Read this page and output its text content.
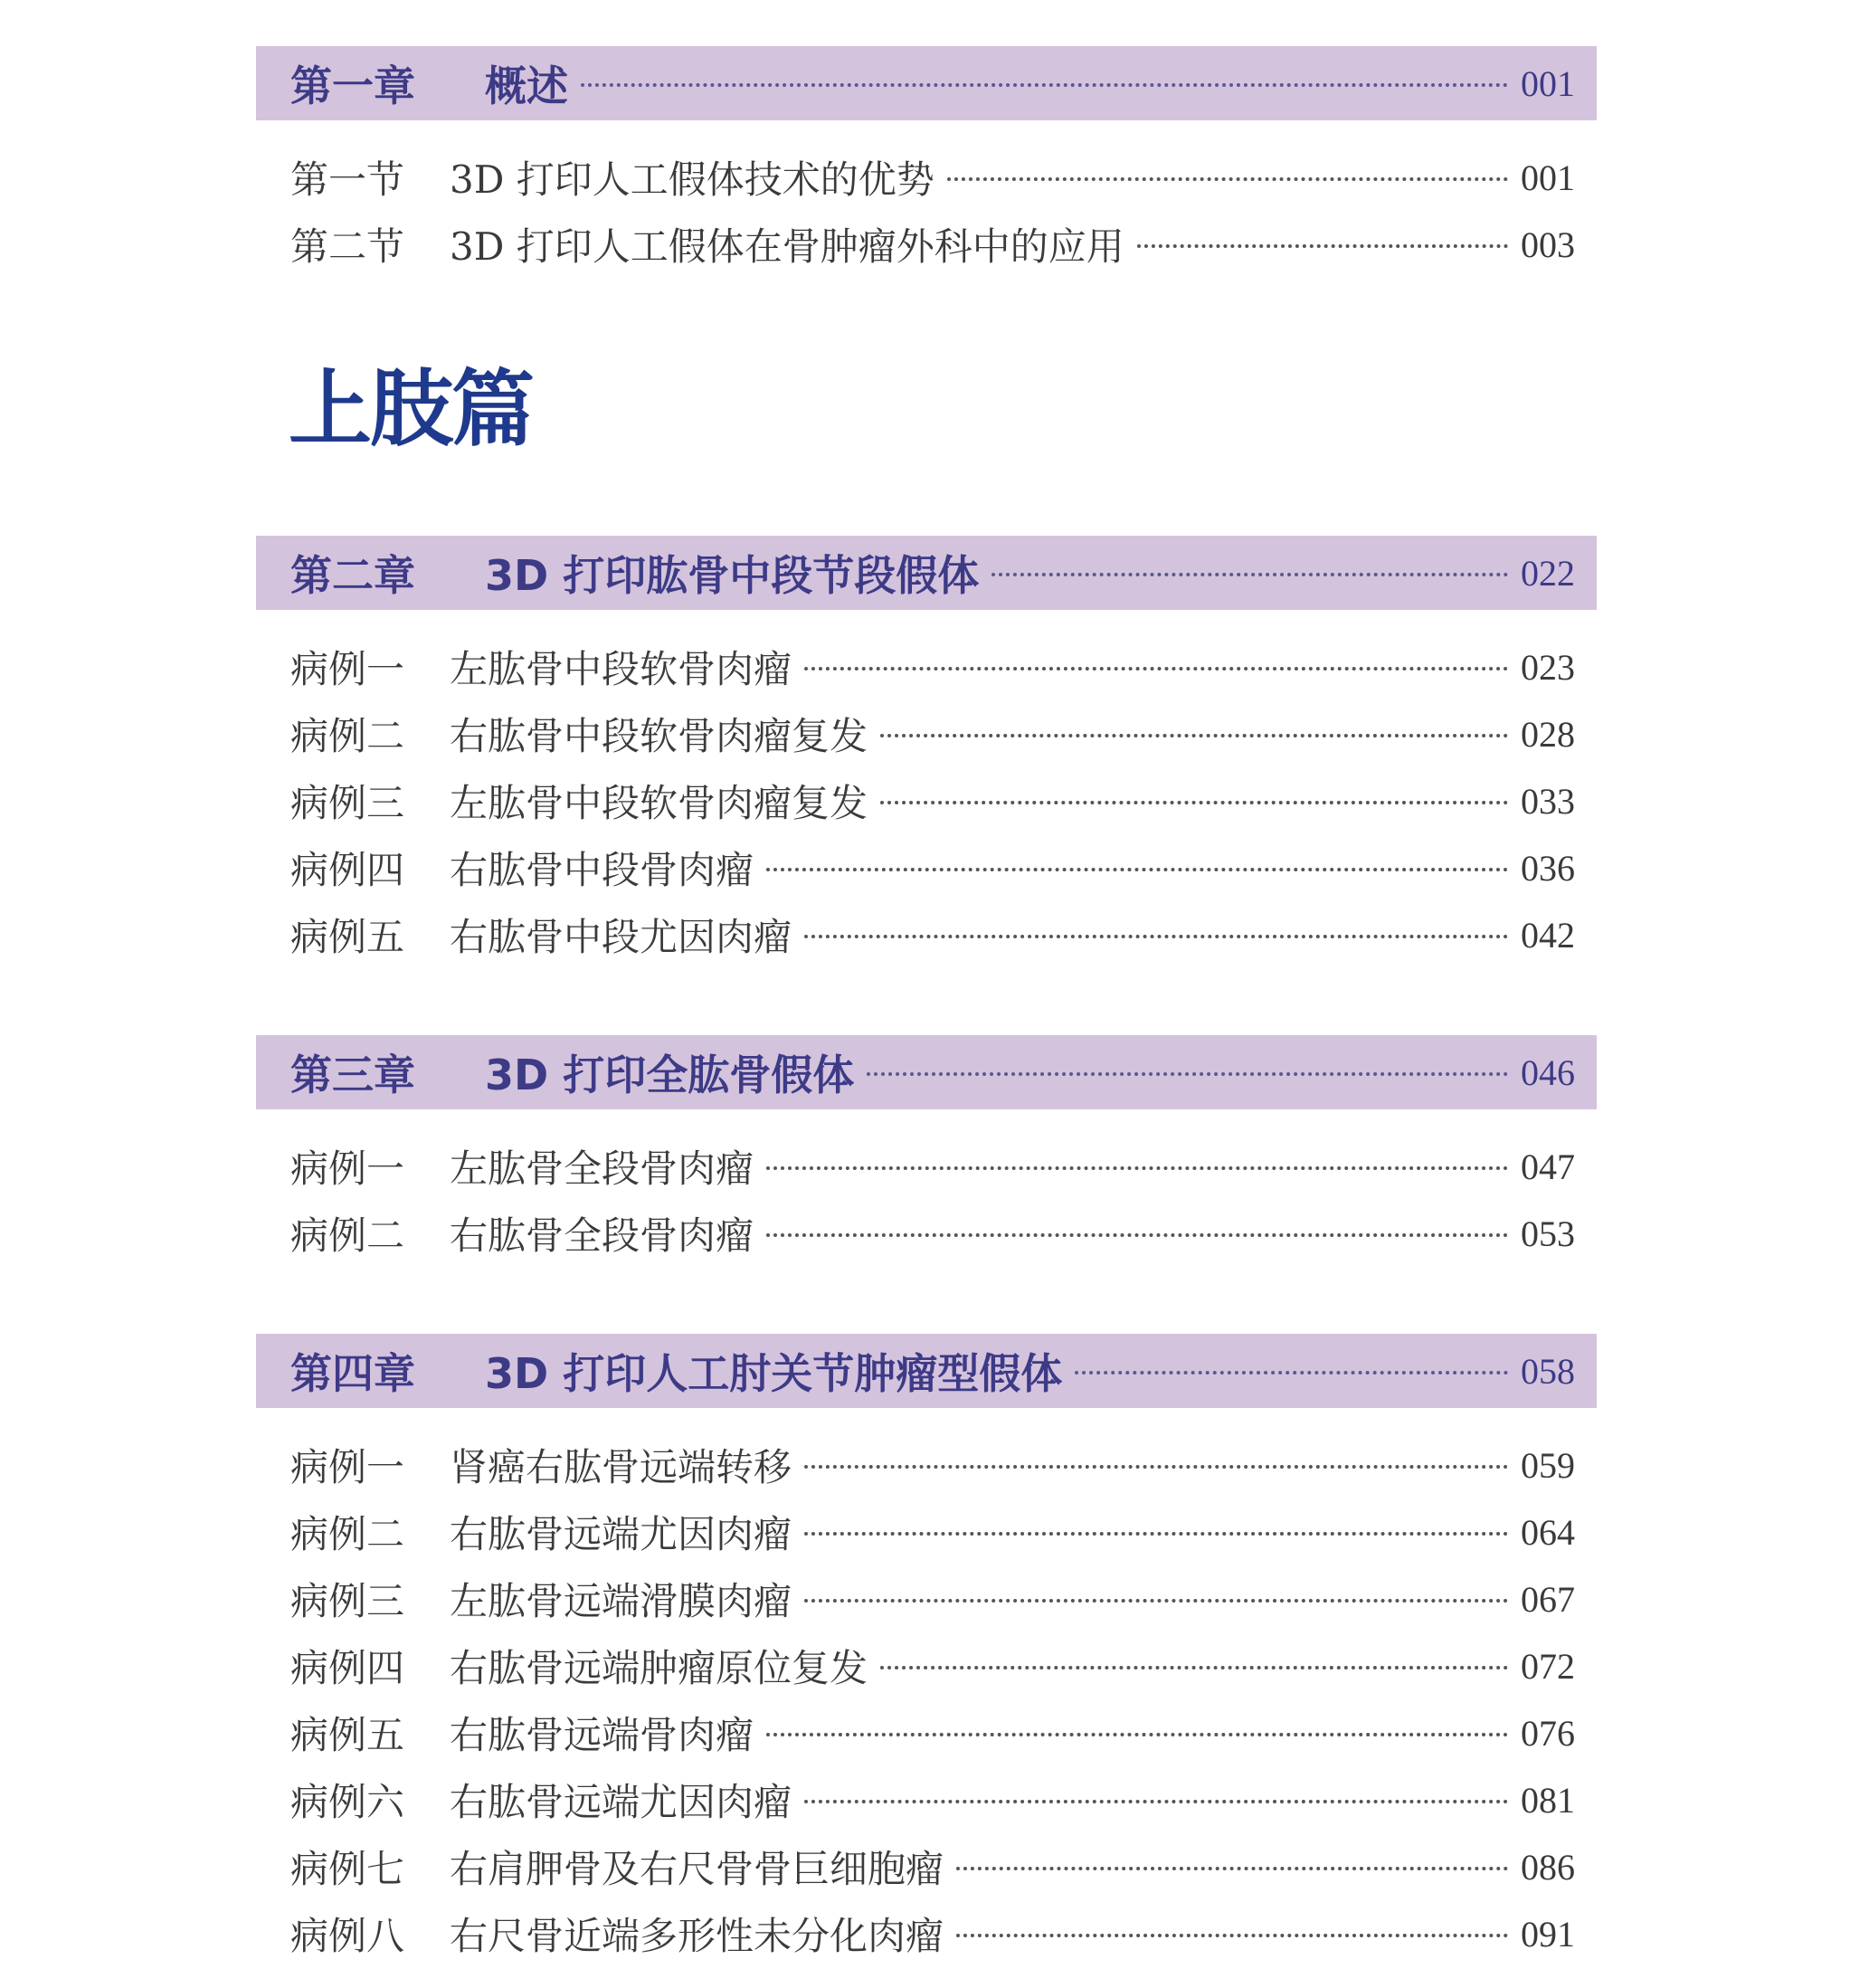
第一章	概述	001
第一节	3D 打印人工假体技术的优势	001
第二节	3D 打印人工假体在骨肿瘤外科中的应用	003
上肢篇
第二章	3D 打印肱骨中段节段假体	022
病例一	左肱骨中段软骨肉瘤	023
病例二	右肱骨中段软骨肉瘤复发	028
病例三	左肱骨中段软骨肉瘤复发	033
病例四	右肱骨中段骨肉瘤	036
病例五	右肱骨中段尤因肉瘤	042
第三章	3D 打印全肱骨假体	046
病例一	左肱骨全段骨肉瘤	047
病例二	右肱骨全段骨肉瘤	053
第四章	3D 打印人工肘关节肿瘤型假体	058
病例一	肾癌右肱骨远端转移	059
病例二	右肱骨远端尤因肉瘤	064
病例三	左肱骨远端滑膜肉瘤	067
病例四	右肱骨远端肿瘤原位复发	072
病例五	右肱骨远端骨肉瘤	076
病例六	右肱骨远端尤因肉瘤	081
病例七	右肩胛骨及右尺骨骨巨细胞瘤	086
病例八	右尺骨近端多形性未分化肉瘤	091
